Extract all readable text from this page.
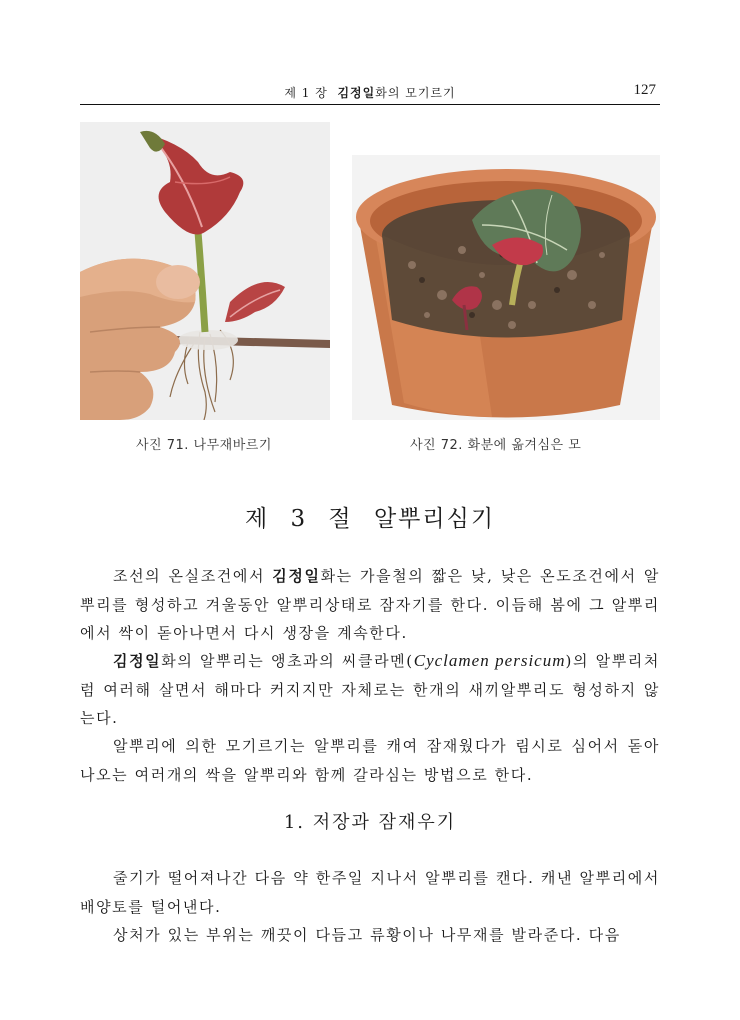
제 1 장 김정일화의 모기르기	127
사진 71. 나무재바르기	사진 72. 화분에 옮겨심은 모
제 3 절 알뿌리심기

조선의 온실조건에서 김정일화는 가을철의 짧은 낮, 낮은 온도조건에서 알뿌리를 형성하고 겨울동안 알뿌리상태로 잠자기를 한다. 이듬해 봄에 그 알뿌리에서 싹이 돋아나면서 다시 생장을 계속한다.

김정일화의 알뿌리는 앵초과의 씨클라멘(Cyclamen persicum)의 알뿌리처럼 여러해 살면서 해마다 커지지만 자체로는 한개의 새끼알뿌리도 형성하지 않는다.

알뿌리에 의한 모기르기는 알뿌리를 캐여 잠재웠다가 림시로 심어서 돋아나오는 여러개의 싹을 알뿌리와 함께 갈라심는 방법으로 한다.

1. 저장과 잠재우기

줄기가 떨어져나간 다음 약 한주일 지나서 알뿌리를 캔다. 캐낸 알뿌리에서 배양토를 털어낸다.

상처가 있는 부위는 깨끗이 다듬고 류황이나 나무재를 발라준다. 다음
